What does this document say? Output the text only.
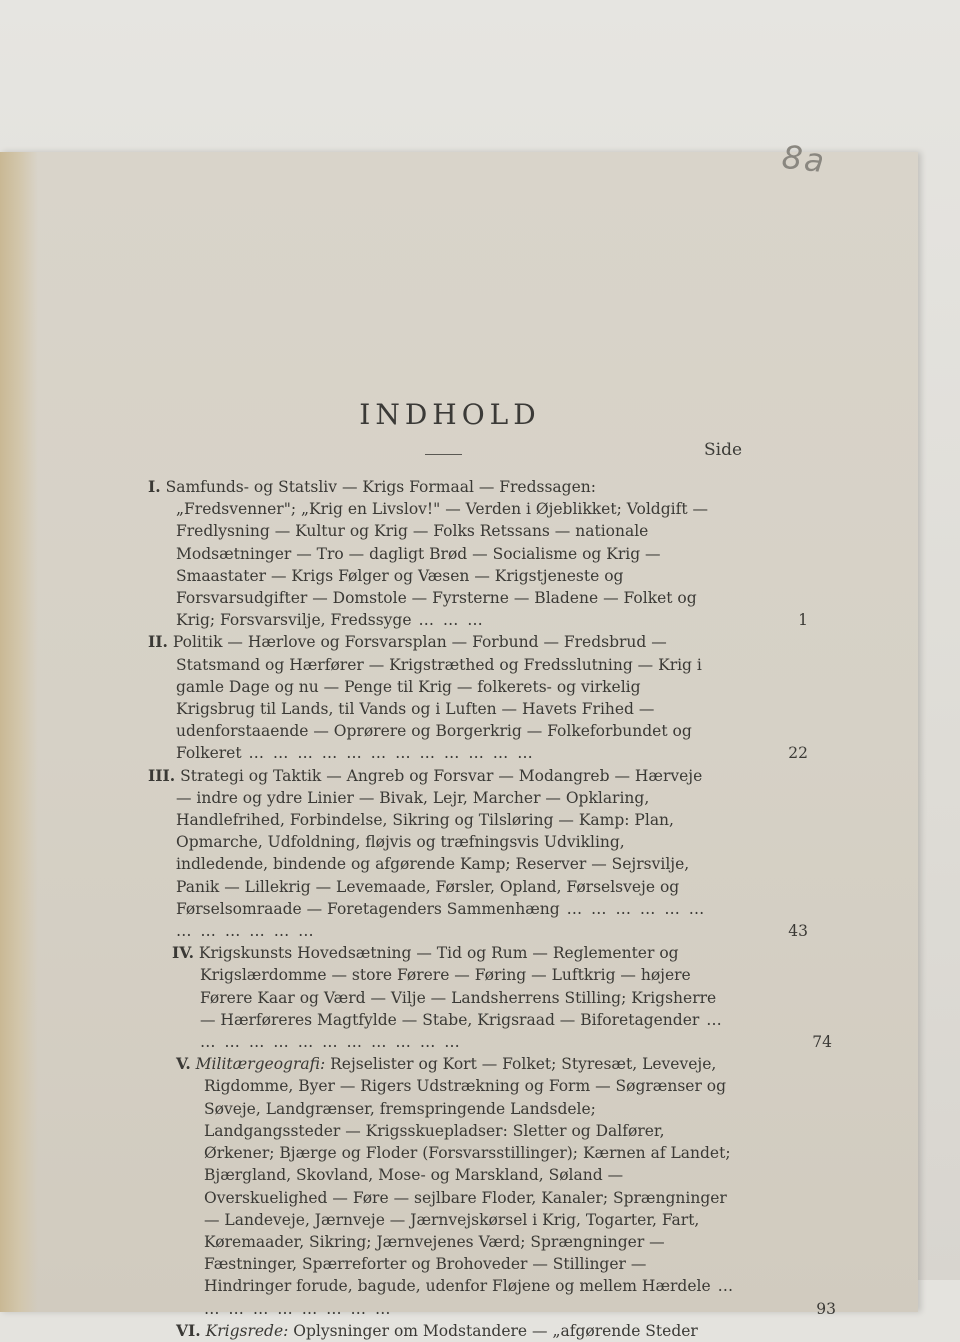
8a
INDHOLD
Side
I. Samfunds- og Statsliv — Krigs Formaal — Fredssagen: „Fredsvenner"; „Krig en Livslov!" — Verden i Øjeblikket; Voldgift — Fredlysning — Kultur og Krig — Folks Retssans — nationale Modsætninger — Tro — dagligt Brød — Socialisme og Krig — Smaastater — Krigs Følger og Væsen — Krigstjeneste og Forsvarsudgifter — Domstole — Fyrsterne — Bladene — Folket og Krig; Forsvarsvilje, Fredssyge … … …	1
II. Politik — Hærlove og Forsvarsplan — Forbund — Fredsbrud — Statsmand og Hærfører — Krigstræthed og Fredsslutning — Krig i gamle Dage og nu — Penge til Krig — folkerets- og virkelig Krigsbrug til Lands, til Vands og i Luften — Havets Frihed — udenforstaaende — Oprørere og Borgerkrig — Folkeforbundet og Folkeret … … … … … … … … … … … …	22
III. Strategi og Taktik — Angreb og Forsvar — Modangreb — Hærveje — indre og ydre Linier — Bivak, Lejr, Marcher — Opklaring, Handlefrihed, Forbindelse, Sikring og Tilsløring — Kamp: Plan, Opmarche, Udfoldning, fløjvis og træfningsvis Udvikling, indledende, bindende og afgørende Kamp; Reserver — Sejrsvilje, Panik — Lillekrig — Levemaade, Førsler, Opland, Førselsveje og Førselsomraade — Foretagenders Sammenhæng … … … … … … … … … … … …	43
IV. Krigskunsts Hovedsætning — Tid og Rum — Reglementer og Krigslærdomme — store Førere — Føring — Luftkrig — højere Førere Kaar og Værd — Vilje — Landsherrens Stilling; Krigsherre — Hærføreres Magtfylde — Stabe, Krigsraad — Biforetagender … … … … … … … … … … … …	74
V. Militærgeografi: Rejselister og Kort — Folket; Styresæt, Leveveje, Rigdomme, Byer — Rigers Udstrækning og Form — Søgrænser og Søveje, Landgrænser, fremspringende Landsdele; Landgangssteder — Krigsskuepladser: Sletter og Dalfører, Ørkener; Bjærge og Floder (Forsvarsstillinger); Kærnen af Landet; Bjærgland, Skovland, Mose- og Marskland, Søland — Overskuelighed — Føre — sejlbare Floder, Kanaler; Sprængninger — Landeveje, Jærnveje — Jærnvejskørsel i Krig, Togarter, Fart, Køremaader, Sikring; Jærnvejenes Værd; Sprængninger — Fæstninger, Spærreforter og Brohoveder — Stillinger — Hindringer forude, bagude, udenfor Fløjene og mellem Hærdele … … … … … … … … …	93
VI. Krigsrede: Oplysninger om Modstandere — „afgørende Steder
